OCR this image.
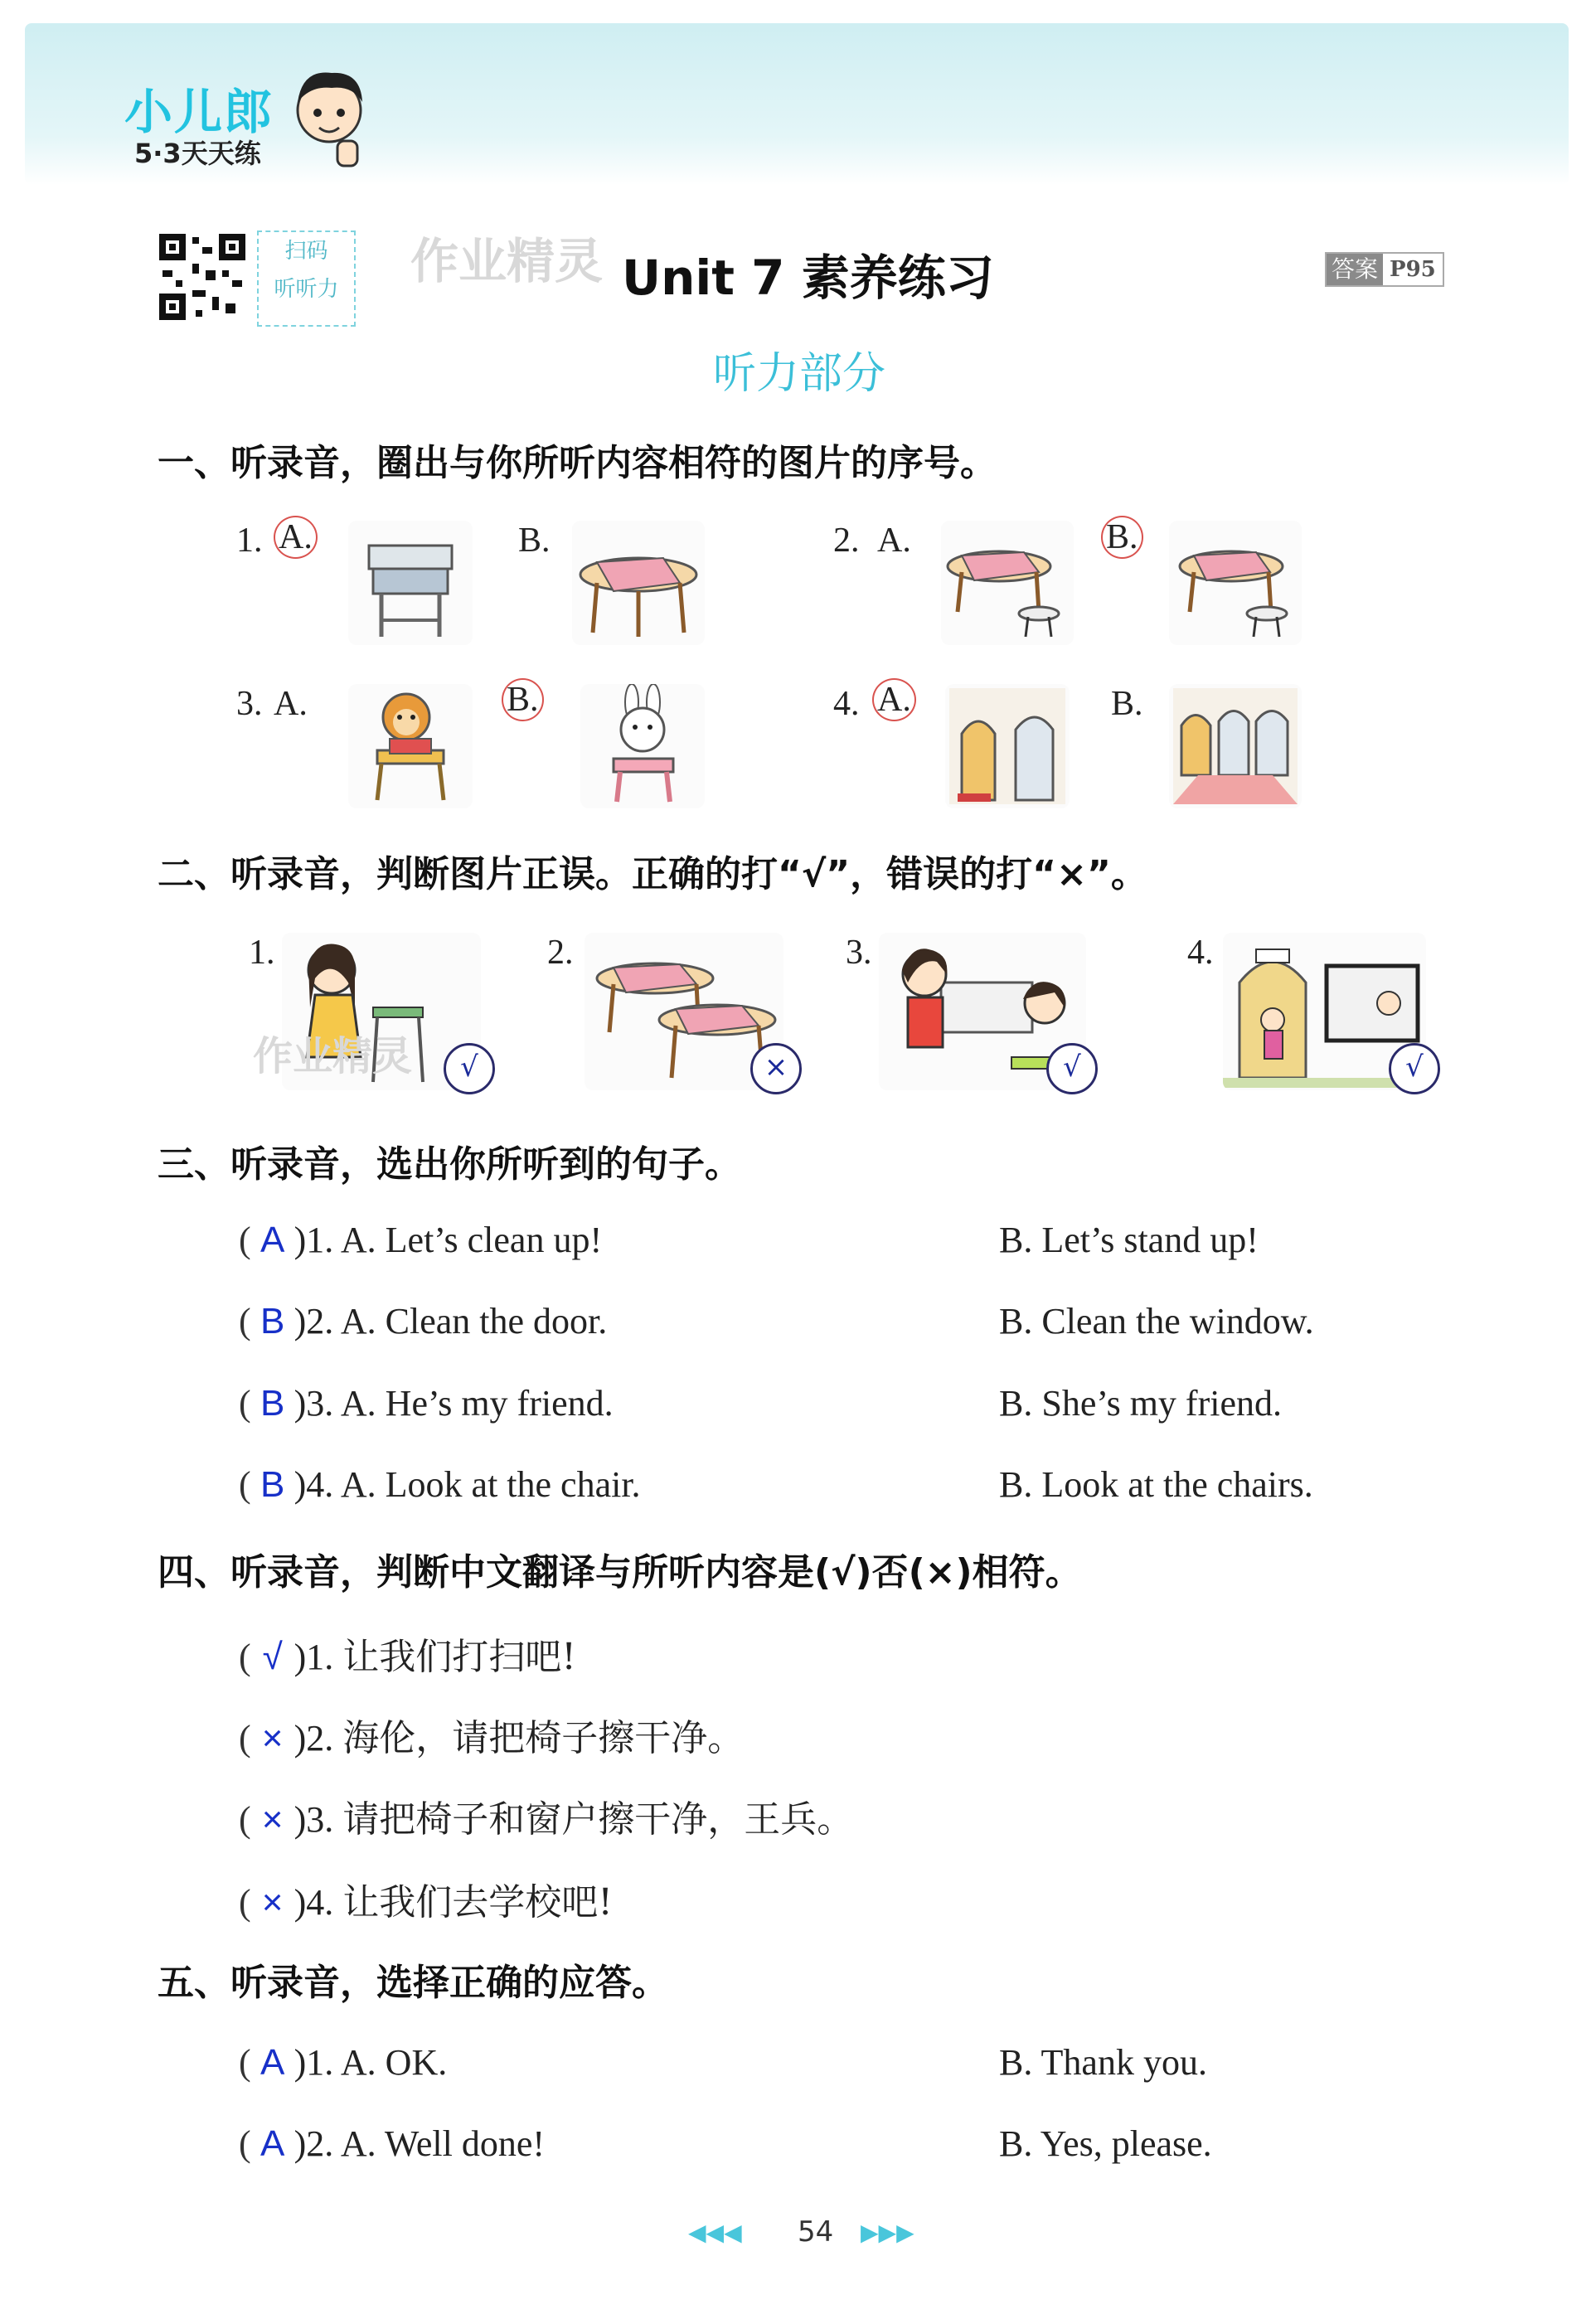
小儿郎
5·3天天练
扫码
听听力	作业精灵 Unit 7 素养练习	答案 P95
听力部分
一、听录音，圈出与你所听内容相符的图片的序号。
1. A.	B.	2. A.	B.
3. A.	B.	4. A.	B.
二、听录音，判断图片正误。正确的打“√”，错误的打“×”。
1.
作业精灵	√
2.
×
3.
√
4.
√
三、听录音，选出你所听到的句子。
( A )1. A. Let’s clean up!	B. Let’s stand up!
( B )2. A. Clean the door.	B. Clean the window.
( B )3. A. He’s my friend.	B. She’s my friend.
( B )4. A. Look at the chair.	B. Look at the chairs.
四、听录音，判断中文翻译与所听内容是(√)否(×)相符。
( √ )1. 让我们打扫吧!
( × )2. 海伦，请把椅子擦干净。
( × )3. 请把椅子和窗户擦干净，王兵。
( × )4. 让我们去学校吧!
五、听录音，选择正确的应答。
( A )1. A. OK.	B. Thank you.
( A )2. A. Well done!	B. Yes, please.
◀◀◀ 54 ▶▶▶
